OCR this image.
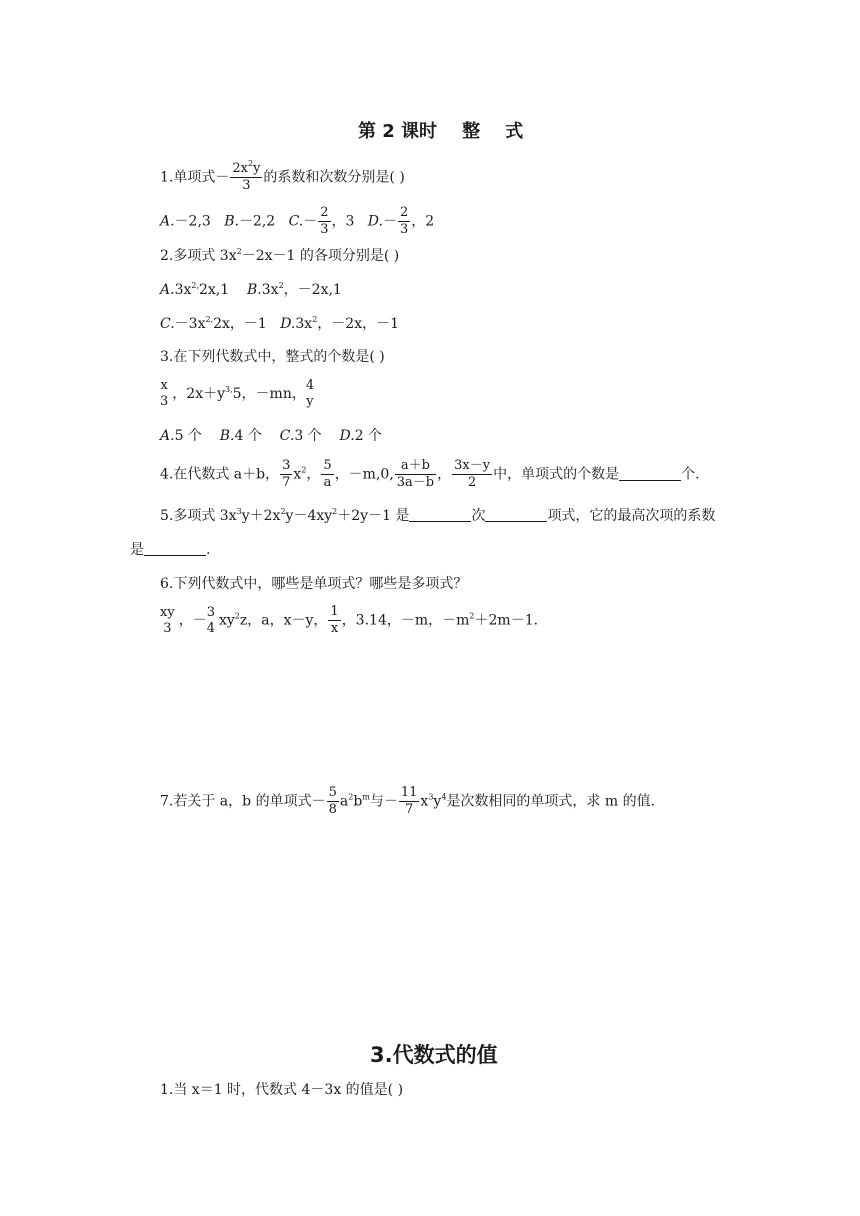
第 2 课时    整    式
1.单项式－ $\frac{2x^2y}{3}$ 的系数和次数分别是( )
A.－2,3 B.－2,2 $C.- \frac{2}{3}$ ，3 $D.- \frac{2}{3}$ ，2
2.多项式 $3x^2-2x-1$ 的各项分别是( )
$A.3x^{2,}2x,1$ $B.3x^2$，－2x,1
$C.-3x^{2,}2x$，－1 $D.3x^2$，－2x，－1
3.在下列代数式中，整式的个数是( )
x
3 ，$2x+y^{3,}5$，－mn，
4
y
A.5 个 B.4 个 C.3 个 D.2 个
4.在代数式 a＋b， $\frac{3}{7} x^2$， $\frac{5}{a}$ ，－m,0, $\frac{a+b}{3a-b}$ ， $\frac{3x-y}{2}$ 中，单项式的个数是	个.
5.多项式 $3x^3y+2x^2y-4xy^2+2y-1$ 是	次	项式，它的最高次项的系数
是	.
6.下列代数式中，哪些是单项式？哪些是多项式？
xy
3 ，－
3
4 $xy^2z$，a，x－y， $\frac{1}{x}$ ，3.14，－m，$-m^2+2m-1$.
7.若关于 a，b 的单项式－ $\frac{5}{8} a^2b^m$与－ $\frac{11}{7} x^3y^4$是次数相同的单项式，求 m 的值.
3.代数式的值
1.当 x＝1 时，代数式 4－3x 的值是( )
